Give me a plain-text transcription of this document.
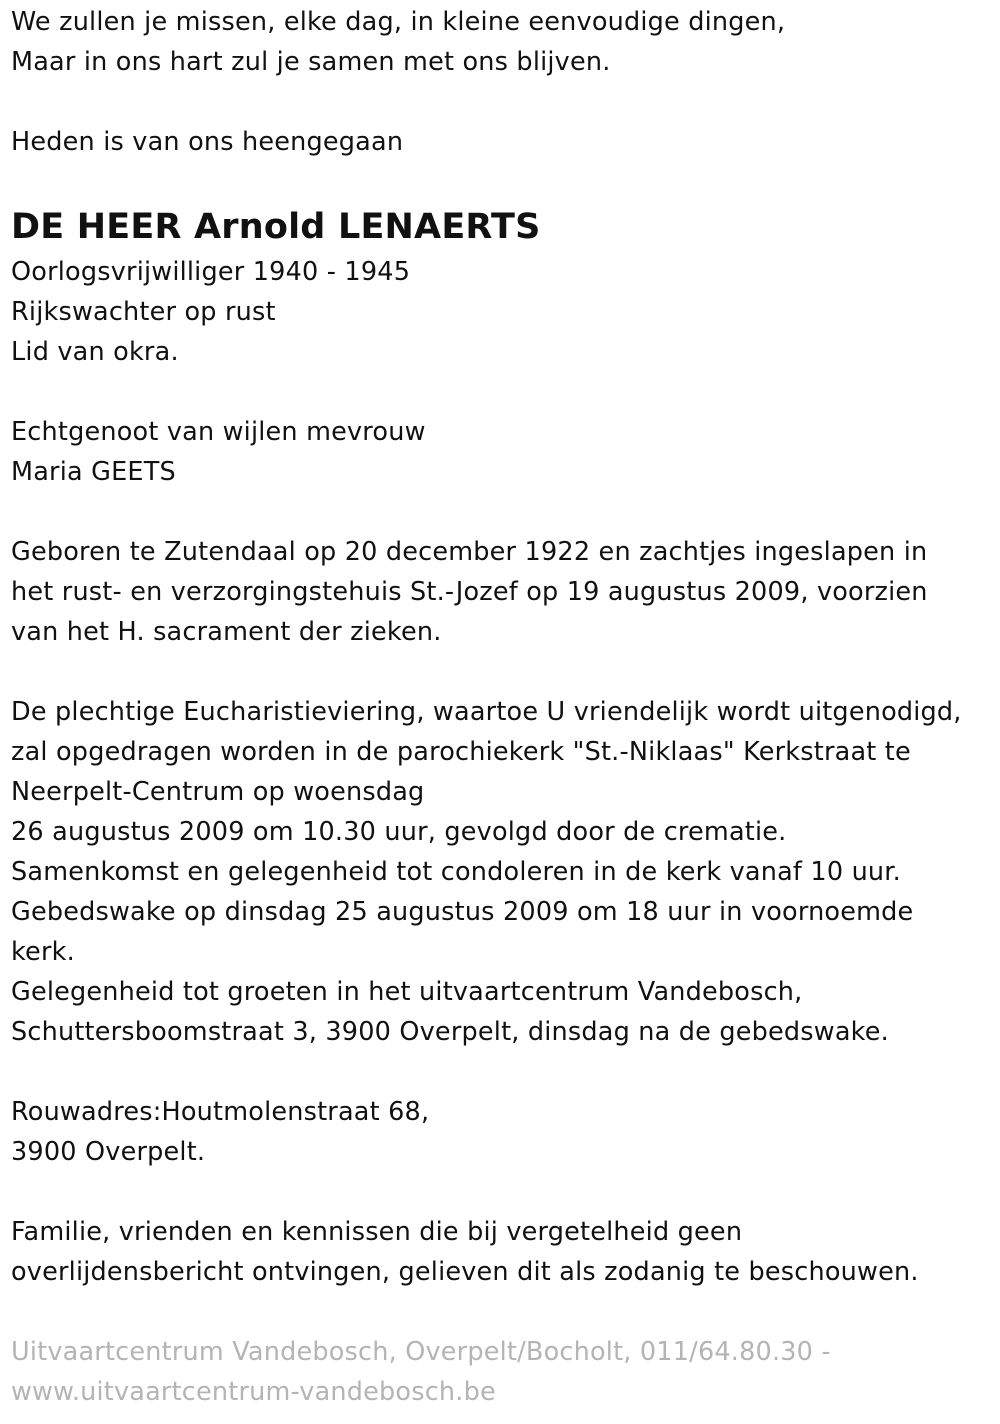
We zullen je missen, elke dag, in kleine eenvoudige dingen,
Maar in ons hart zul je samen met ons blijven.
Heden is van ons heengegaan
DE HEER Arnold LENAERTS
Oorlogsvrijwilliger 1940 - 1945
Rijkswachter op rust
Lid van okra.
Echtgenoot van wijlen mevrouw
Maria GEETS
Geboren te Zutendaal op 20 december 1922 en zachtjes ingeslapen in
het rust- en verzorgingstehuis St.-Jozef op 19 augustus 2009, voorzien
van het H. sacrament der zieken.
De plechtige Eucharistieviering, waartoe U vriendelijk wordt uitgenodigd,
zal opgedragen worden in de parochiekerk "St.-Niklaas" Kerkstraat te
Neerpelt-Centrum op woensdag
26 augustus 2009 om 10.30 uur, gevolgd door de crematie.
Samenkomst en gelegenheid tot condoleren in de kerk vanaf 10 uur.
Gebedswake op dinsdag 25 augustus 2009 om 18 uur in voornoemde
kerk.
Gelegenheid tot groeten in het uitvaartcentrum Vandebosch,
Schuttersboomstraat 3, 3900 Overpelt, dinsdag na de gebedswake.
Rouwadres:Houtmolenstraat 68,
3900 Overpelt.
Familie, vrienden en kennissen die bij vergetelheid geen
overlijdensbericht ontvingen, gelieven dit als zodanig te beschouwen.
Uitvaartcentrum Vandebosch, Overpelt/Bocholt, 011/64.80.30 -
www.uitvaartcentrum-vandebosch.be
